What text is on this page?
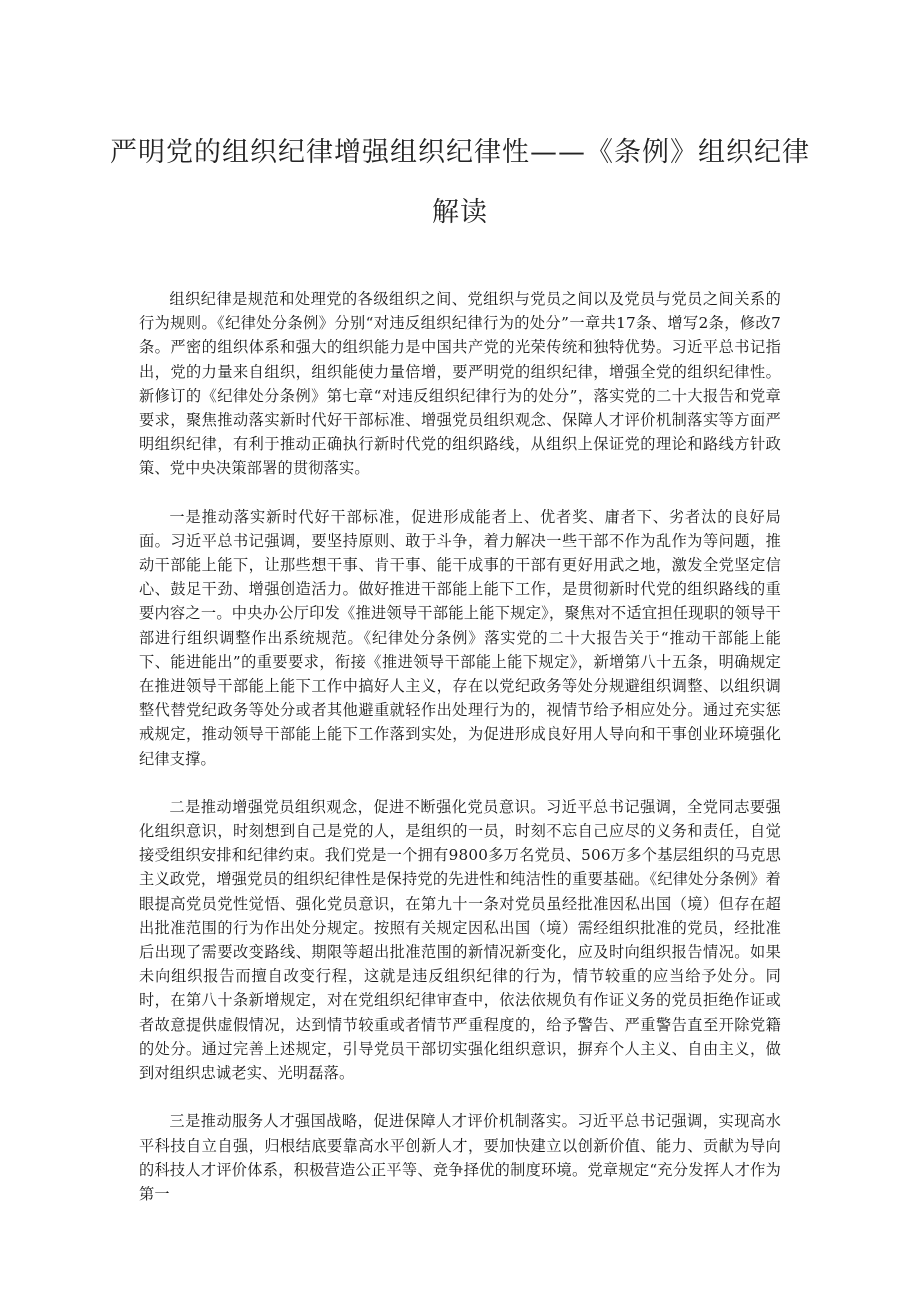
严明党的组织纪律增强组织纪律性——《条例》组织纪律
解读

组织纪律是规范和处理党的各级组织之间、党组织与党员之间以及党员与党员之间关系的行为规则。《纪律处分条例》分别“对违反组织纪律行为的处分”一章共17条、增写2条，修改7条。严密的组织体系和强大的组织能力是中国共产党的光荣传统和独特优势。习近平总书记指出，党的力量来自组织，组织能使力量倍增，要严明党的组织纪律，增强全党的组织纪律性。新修订的《纪律处分条例》第七章“对违反组织纪律行为的处分”，落实党的二十大报告和党章要求，聚焦推动落实新时代好干部标准、增强党员组织观念、保障人才评价机制落实等方面严明组织纪律，有利于推动正确执行新时代党的组织路线，从组织上保证党的理论和路线方针政策、党中央决策部署的贯彻落实。

一是推动落实新时代好干部标准，促进形成能者上、优者奖、庸者下、劣者汰的良好局面。习近平总书记强调，要坚持原则、敢于斗争，着力解决一些干部不作为乱作为等问题，推动干部能上能下，让那些想干事、肯干事、能干成事的干部有更好用武之地，激发全党坚定信心、鼓足干劲、增强创造活力。做好推进干部能上能下工作，是贯彻新时代党的组织路线的重要内容之一。中央办公厅印发《推进领导干部能上能下规定》，聚焦对不适宜担任现职的领导干部进行组织调整作出系统规范。《纪律处分条例》落实党的二十大报告关于“推动干部能上能下、能进能出”的重要要求，衔接《推进领导干部能上能下规定》，新增第八十五条，明确规定在推进领导干部能上能下工作中搞好人主义，存在以党纪政务等处分规避组织调整、以组织调整代替党纪政务等处分或者其他避重就轻作出处理行为的，视情节给予相应处分。通过充实惩戒规定，推动领导干部能上能下工作落到实处，为促进形成良好用人导向和干事创业环境强化纪律支撑。

二是推动增强党员组织观念，促进不断强化党员意识。习近平总书记强调，全党同志要强化组织意识，时刻想到自己是党的人，是组织的一员，时刻不忘自己应尽的义务和责任，自觉接受组织安排和纪律约束。我们党是一个拥有9800多万名党员、506万多个基层组织的马克思主义政党，增强党员的组织纪律性是保持党的先进性和纯洁性的重要基础。《纪律处分条例》着眼提高党员党性觉悟、强化党员意识，在第九十一条对党员虽经批准因私出国（境）但存在超出批准范围的行为作出处分规定。按照有关规定因私出国（境）需经组织批准的党员，经批准后出现了需要改变路线、期限等超出批准范围的新情况新变化，应及时向组织报告情况。如果未向组织报告而擅自改变行程，这就是违反组织纪律的行为，情节较重的应当给予处分。同时，在第八十条新增规定，对在党组织纪律审查中，依法依规负有作证义务的党员拒绝作证或者故意提供虚假情况，达到情节较重或者情节严重程度的，给予警告、严重警告直至开除党籍的处分。通过完善上述规定，引导党员干部切实强化组织意识，摒弃个人主义、自由主义，做到对组织忠诚老实、光明磊落。

三是推动服务人才强国战略，促进保障人才评价机制落实。习近平总书记强调，实现高水平科技自立自强，归根结底要靠高水平创新人才，要加快建立以创新价值、能力、贡献为导向的科技人才评价体系，积极营造公正平等、竞争择优的制度环境。党章规定“充分发挥人才作为第一
